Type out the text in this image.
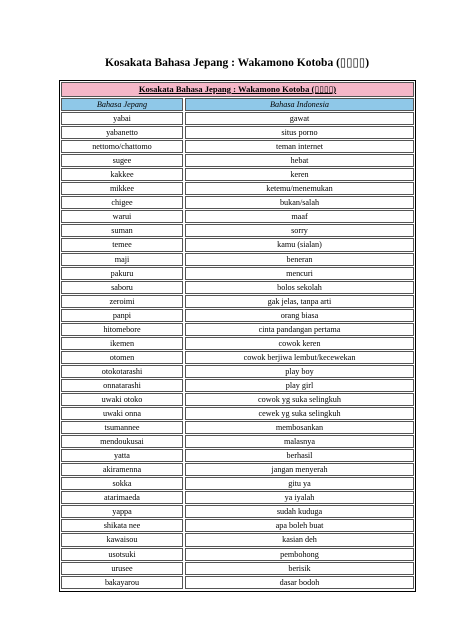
Kosakata Bahasa Jepang : Wakamono Kotoba (▯▯▯▯)
Kosakata Bahasa Jepang : Wakamono Kotoba (▯▯▯▯)
Bahasa Jepang	Bahasa Indonesia
yabai	gawat
yabanetto	situs porno
nettomo/chattomo	teman internet
sugee	hebat
kakkee	keren
mikkee	ketemu/menemukan
chigee	bukan/salah
warui	maaf
suman	sorry
temee	kamu (sialan)
maji	beneran
pakuru	mencuri
saboru	bolos sekolah
zeroimi	gak jelas, tanpa arti
panpi	orang biasa
hitomebore	cinta pandangan pertama
ikemen	cowok keren
otomen	cowok berjiwa lembut/kecewekan
otokotarashi	play boy
onnatarashi	play girl
uwaki otoko	cowok yg suka selingkuh
uwaki onna	cewek yg suka selingkuh
tsumannee	membosankan
mendoukusai	malasnya
yatta	berhasil
akiramenna	jangan menyerah
sokka	gitu ya
atarimaeda	ya iyalah
yappa	sudah kuduga
shikata nee	apa boleh buat
kawaisou	kasian deh
usotsuki	pembohong
urusee	berisik
bakayarou	dasar bodoh
